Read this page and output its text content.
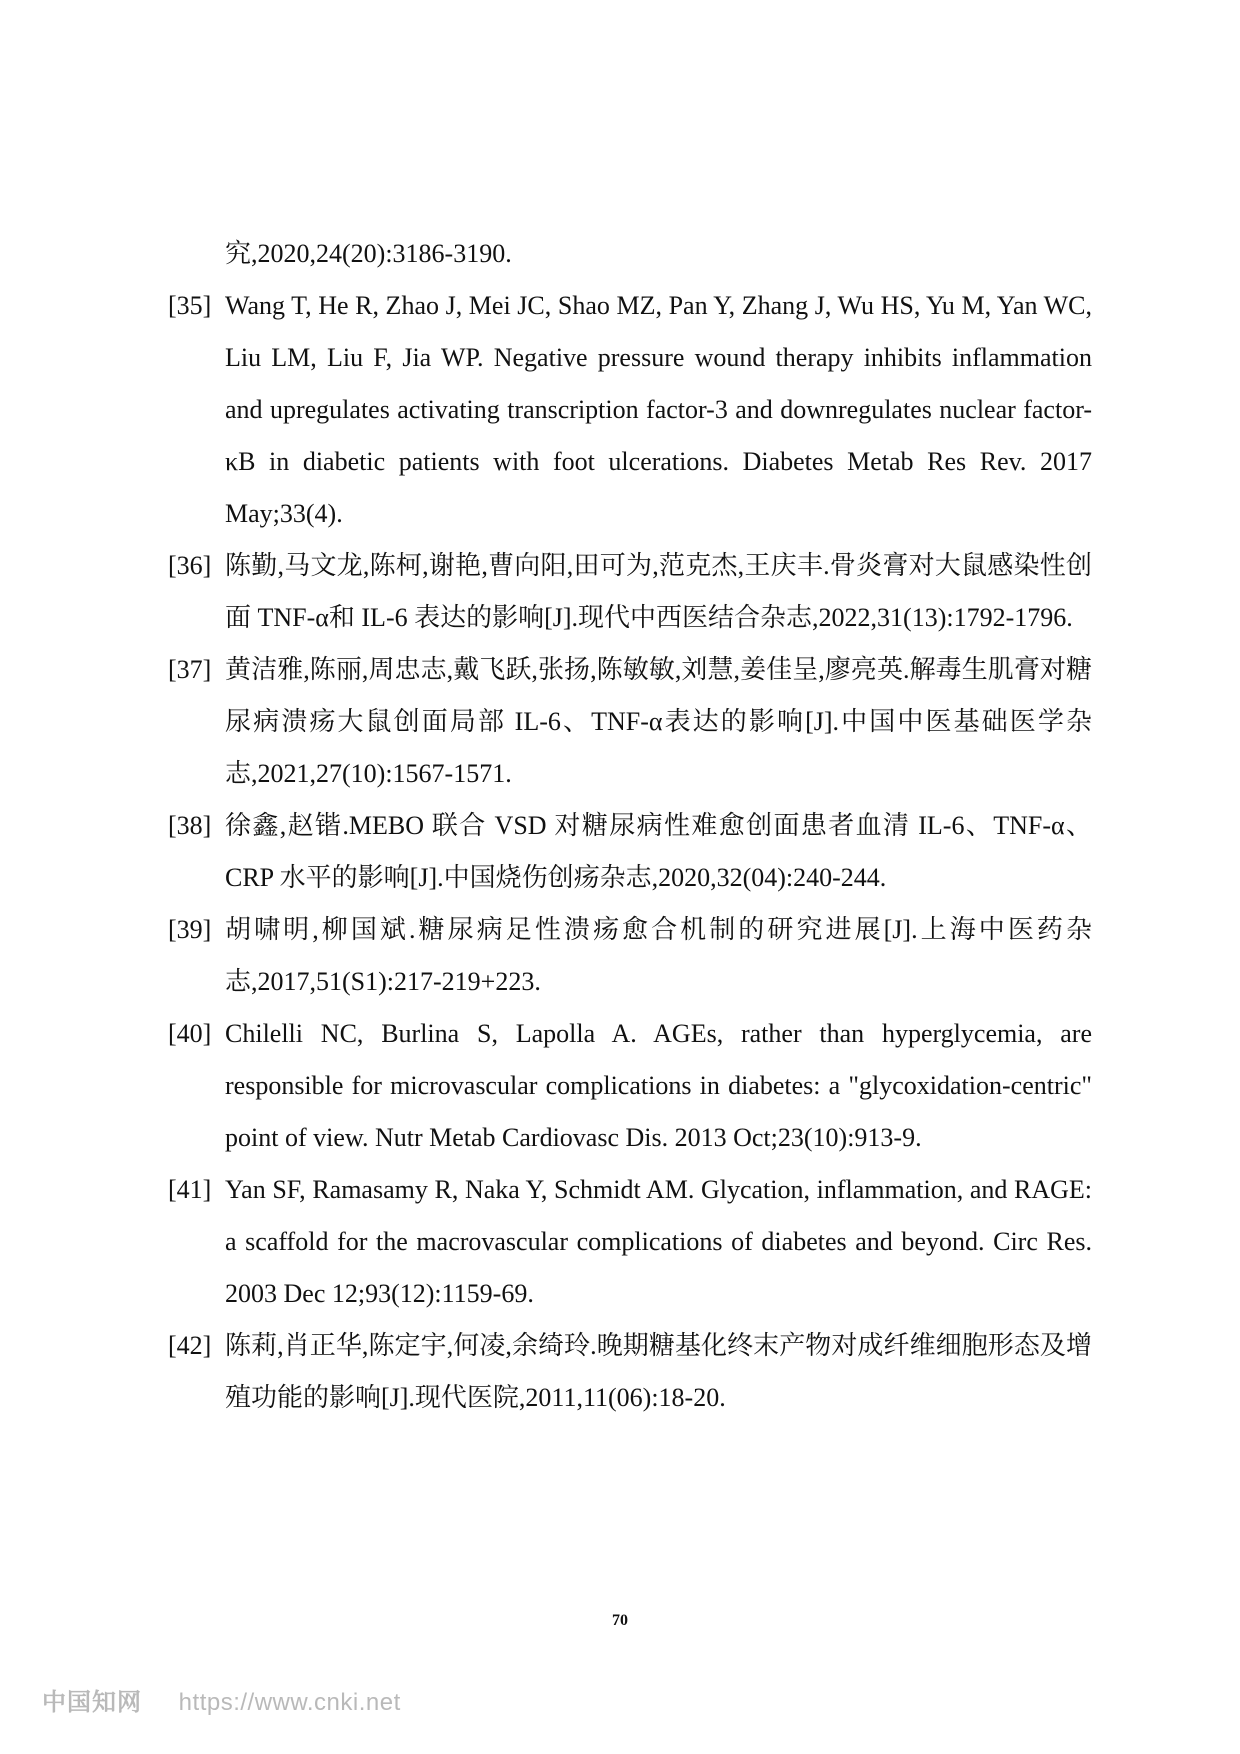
究,2020,24(20):3186-3190.
[35] Wang T, He R, Zhao J, Mei JC, Shao MZ, Pan Y, Zhang J, Wu HS, Yu M, Yan WC, Liu LM, Liu F, Jia WP. Negative pressure wound therapy inhibits inflammation and upregulates activating transcription factor-3 and downregulates nuclear factor-κB in diabetic patients with foot ulcerations. Diabetes Metab Res Rev. 2017 May;33(4).
[36] 陈勤,马文龙,陈柯,谢艳,曹向阳,田可为,范克杰,王庆丰.骨炎膏对大鼠感染性创面 TNF-α和 IL-6 表达的影响[J].现代中西医结合杂志,2022,31(13):1792-1796.
[37] 黄洁雅,陈丽,周忠志,戴飞跃,张扬,陈敏敏,刘慧,姜佳呈,廖亮英.解毒生肌膏对糖尿病溃疡大鼠创面局部 IL-6、TNF-α表达的影响[J].中国中医基础医学杂志,2021,27(10):1567-1571.
[38] 徐鑫,赵锴.MEBO 联合 VSD 对糖尿病性难愈创面患者血清 IL-6、TNF-α、CRP 水平的影响[J].中国烧伤创疡杂志,2020,32(04):240-244.
[39] 胡啸明,柳国斌.糖尿病足性溃疡愈合机制的研究进展[J].上海中医药杂志,2017,51(S1):217-219+223.
[40] Chilelli NC, Burlina S, Lapolla A. AGEs, rather than hyperglycemia, are responsible for microvascular complications in diabetes: a "glycoxidation-centric" point of view. Nutr Metab Cardiovasc Dis. 2013 Oct;23(10):913-9.
[41] Yan SF, Ramasamy R, Naka Y, Schmidt AM. Glycation, inflammation, and RAGE: a scaffold for the macrovascular complications of diabetes and beyond. Circ Res. 2003 Dec 12;93(12):1159-69.
[42] 陈莉,肖正华,陈定宇,何凌,余绮玲.晚期糖基化终末产物对成纤维细胞形态及增殖功能的影响[J].现代医院,2011,11(06):18-20.
70
中国知网 https://www.cnki.net
